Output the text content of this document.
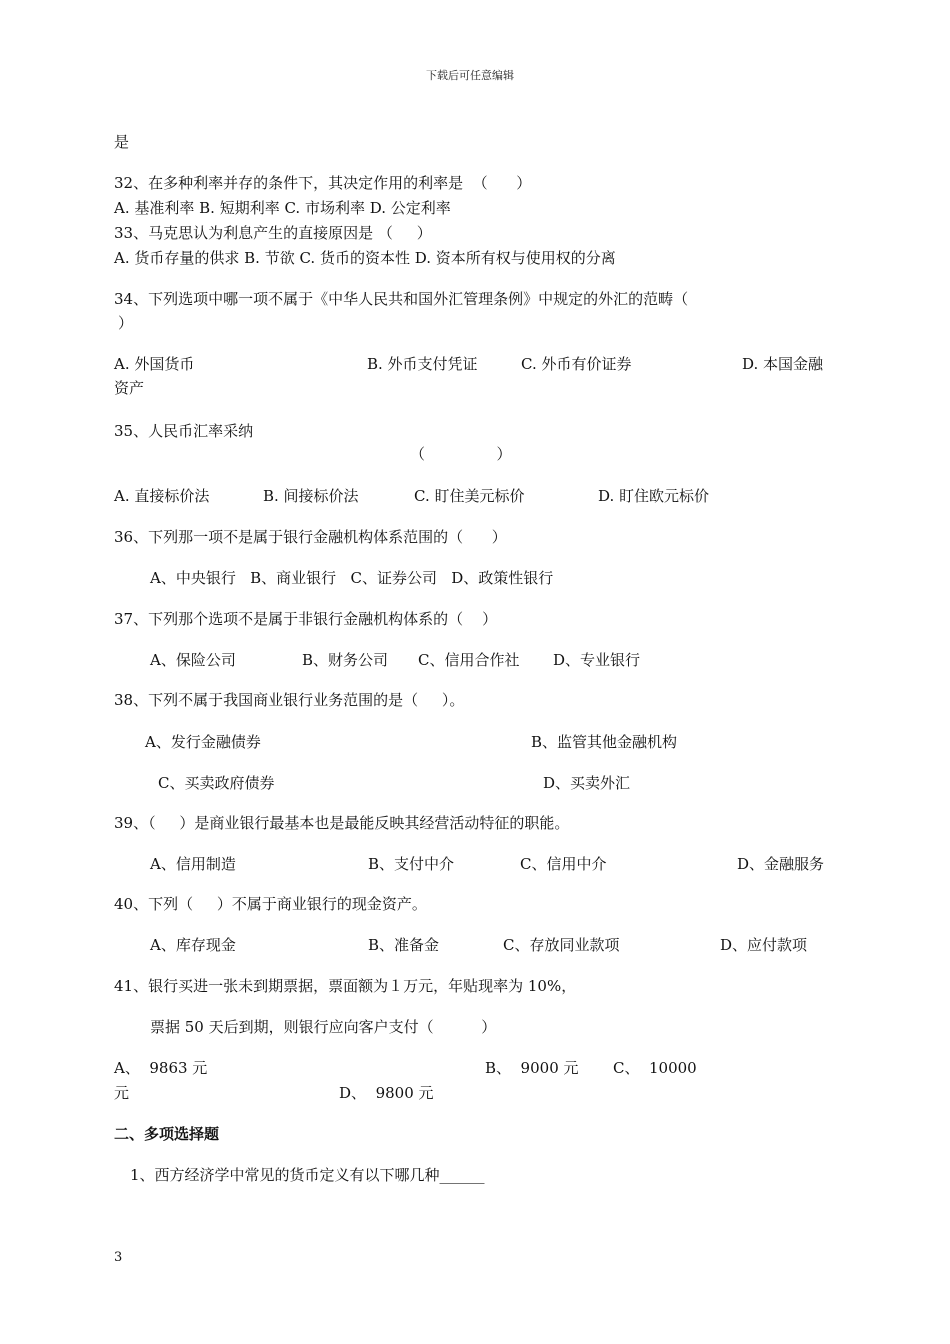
下载后可任意编辑
是
32、在多种利率并存的条件下，其决定作用的利率是  （      ）
A. 基准利率 B. 短期利率 C. 市场利率 D. 公定利率
33、马克思认为利息产生的直接原因是 （     ）
A. 货币存量的供求 B. 节欲 C. 货币的资本性 D. 资本所有权与使用权的分离
34、下列选项中哪一项不属于《中华人民共和国外汇管理条例》中规定的外汇的范畴（
）
A. 外国货币	B. 外币支付凭证	C. 外币有价证券	D. 本国金融
资产
35、人民币汇率采纳
（               ）
A. 直接标价法	B. 间接标价法	C. 盯住美元标价	D. 盯住欧元标价
36、下列那一项不是属于银行金融机构体系范围的（      ）
A、中央银行   B、商业银行   C、证券公司   D、政策性银行
37、下列那个选项不是属于非银行金融机构体系的（    ）
A、保险公司	B、财务公司 C、信用合作社 D、专业银行
38、下列不属于我国商业银行业务范围的是（     ）。
A、发行金融债券	B、监管其他金融机构
C、买卖政府债券	D、买卖外汇
39、（     ）是商业银行最基本也是最能反映其经营活动特征的职能。
A、信用制造	B、支付中介	C、信用中介	D、金融服务
40、下列（     ）不属于商业银行的现金资产。
A、库存现金	B、准备金	C、存放同业款项	D、应付款项
41、银行买进一张未到期票据，票面额为１万元，年贴现率为 10%，
票据 50 天后到期，则银行应向客户支付（          ）
A、  9863 元	B、  9000 元 C、  10000
元	D、  9800 元
二、多项选择题
1、西方经济学中常见的货币定义有以下哪几种______
3
